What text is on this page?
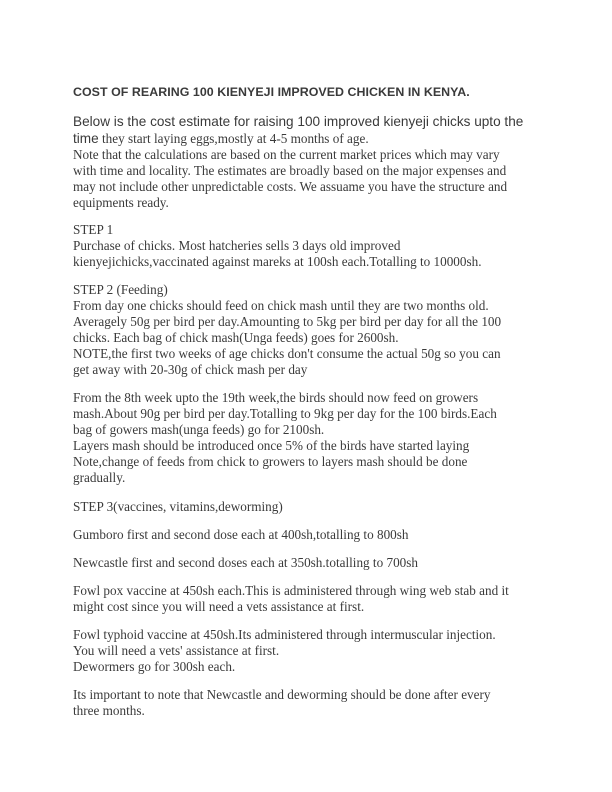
COST OF REARING 100 KIENYEJI IMPROVED CHICKEN IN KENYA.
Below is the cost estimate for raising 100 improved kienyeji chicks upto the
time they start laying eggs,mostly at 4-5 months of age.
Note that the calculations are based on the current market prices which may vary
with time and locality. The estimates are broadly based on the major expenses and
may not include other unpredictable costs. We assuame you have the structure and
equipments ready.
STEP 1
Purchase of chicks. Most hatcheries sells 3 days old improved
kienyejichicks,vaccinated against mareks at 100sh each.Totalling to 10000sh.
STEP 2 (Feeding)
From day one chicks should feed on chick mash until they are two months old.
Averagely 50g per bird per day.Amounting to 5kg per bird per day for all the 100
chicks. Each bag of chick mash(Unga feeds) goes for 2600sh.
NOTE,the first two weeks of age chicks don't consume the actual 50g so you can
get away with 20-30g of chick mash per day
From the 8th week upto the 19th week,the birds should now feed on growers
mash.About 90g per bird per day.Totalling to 9kg per day for the 100 birds.Each
bag of gowers mash(unga feeds) go for 2100sh.
Layers mash should be introduced once 5% of the birds have started laying
Note,change of feeds from chick to growers to layers mash should be done
gradually.
STEP 3(vaccines, vitamins,deworming)
Gumboro first and second dose each at 400sh,totalling to 800sh
Newcastle first and second doses each at 350sh.totalling to 700sh
Fowl pox vaccine at 450sh each.This is administered through wing web stab and it
might cost since you will need a vets assistance at first.
Fowl typhoid vaccine at 450sh.Its administered through intermuscular injection.
You will need a vets' assistance at first.
Dewormers go for 300sh each.
Its important to note that Newcastle and deworming should be done after every
three months.
